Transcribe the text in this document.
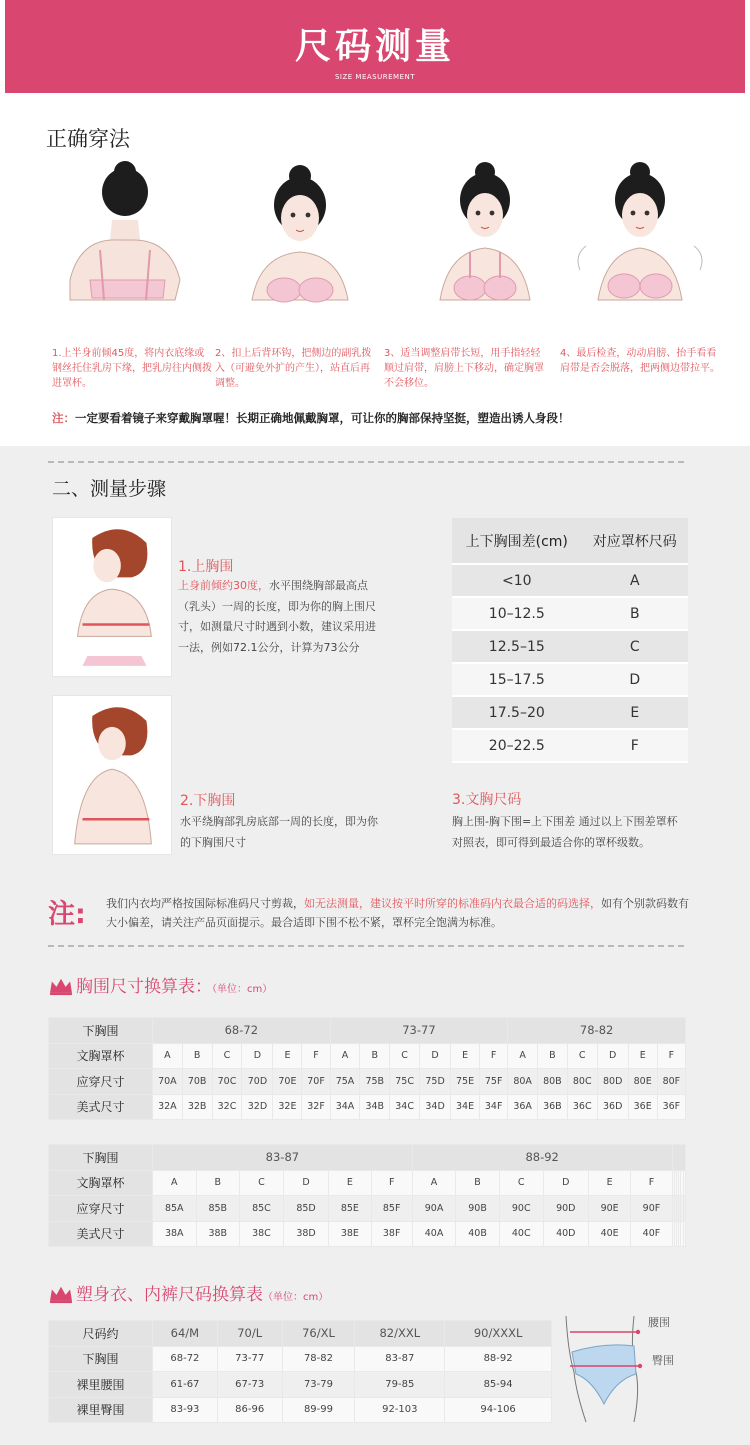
尺码测量
SIZE MEASUREMENT
正确穿法
1.上半身前倾45度，将内衣底缘或钢丝托住乳房下缘，把乳房往内侧拨进罩杯。
2、扣上后背环钩，把侧边的副乳拨入（可避免外扩的产生），站直后再调整。
3、适当调整肩带长短，用手指轻轻顺过肩带，肩膀上下移动，确定胸罩不会移位。
4、最后检查，动动肩膀、抬手看看肩带是否会脱落，把两侧边带拉平。
注：一定要看着镜子来穿戴胸罩喔！长期正确地佩戴胸罩，可让你的胸部保持坚挺，塑造出诱人身段！
二、测量步骤
1.上胸围
上身前倾约30度，水平围绕胸部最高点（乳头）一周的长度，即为你的胸上围尺寸，如测量尺寸时遇到小数，建议采用进一法，例如72.1公分，计算为73公分
2.下胸围
水平绕胸部乳房底部一周的长度，即为你的下胸围尺寸
上下胸围差(cm)	对应罩杯尺码
<10	A
10–12.5	B
12.5–15	C
15–17.5	D
17.5–20	E
20–22.5	F
3.文胸尺码
胸上围-胸下围=上下围差 通过以上下围差罩杯对照表，即可得到最适合你的罩杯级数。
注: 我们内衣均严格按国际标准码尺寸剪裁，如无法测量，建议按平时所穿的标准码内衣最合适的码选择，如有个别款码数有大小偏差，请关注产品页面提示。最合适即下围不松不紧，罩杯完全饱满为标准。
胸围尺寸换算表：（单位：cm）
下胸围	68-72						73-77						78-82					
文胸罩杯	A	B	C	D	E	F	A	B	C	D	E	F	A	B	C	D	E	F
应穿尺寸	70A	70B	70C	70D	70E	70F	75A	75B	75C	75D	75E	75F	80A	80B	80C	80D	80E	80F
美式尺寸	32A	32B	32C	32D	32E	32F	34A	34B	34C	34D	34E	34F	36A	36B	36C	36D	36E	36F
下胸围	83-87						88-92											
文胸罩杯	A	B	C	D	E	F	A	B	C	D	E	F						
应穿尺寸	85A	85B	85C	85D	85E	85F	90A	90B	90C	90D	90E	90F						
美式尺寸	38A	38B	38C	38D	38E	38F	40A	40B	40C	40D	40E	40F						
塑身衣、内裤尺码换算表（单位：cm）
尺码约	64/M	70/L	76/XL	82/XXL	90/XXXL
下胸围	68-72	73-77	78-82	83-87	88-92
裸里腰围	61-67	67-73	73-79	79-85	85-94
裸里臀围	83-93	86-96	89-99	92-103	94-106
腰围
臀围
